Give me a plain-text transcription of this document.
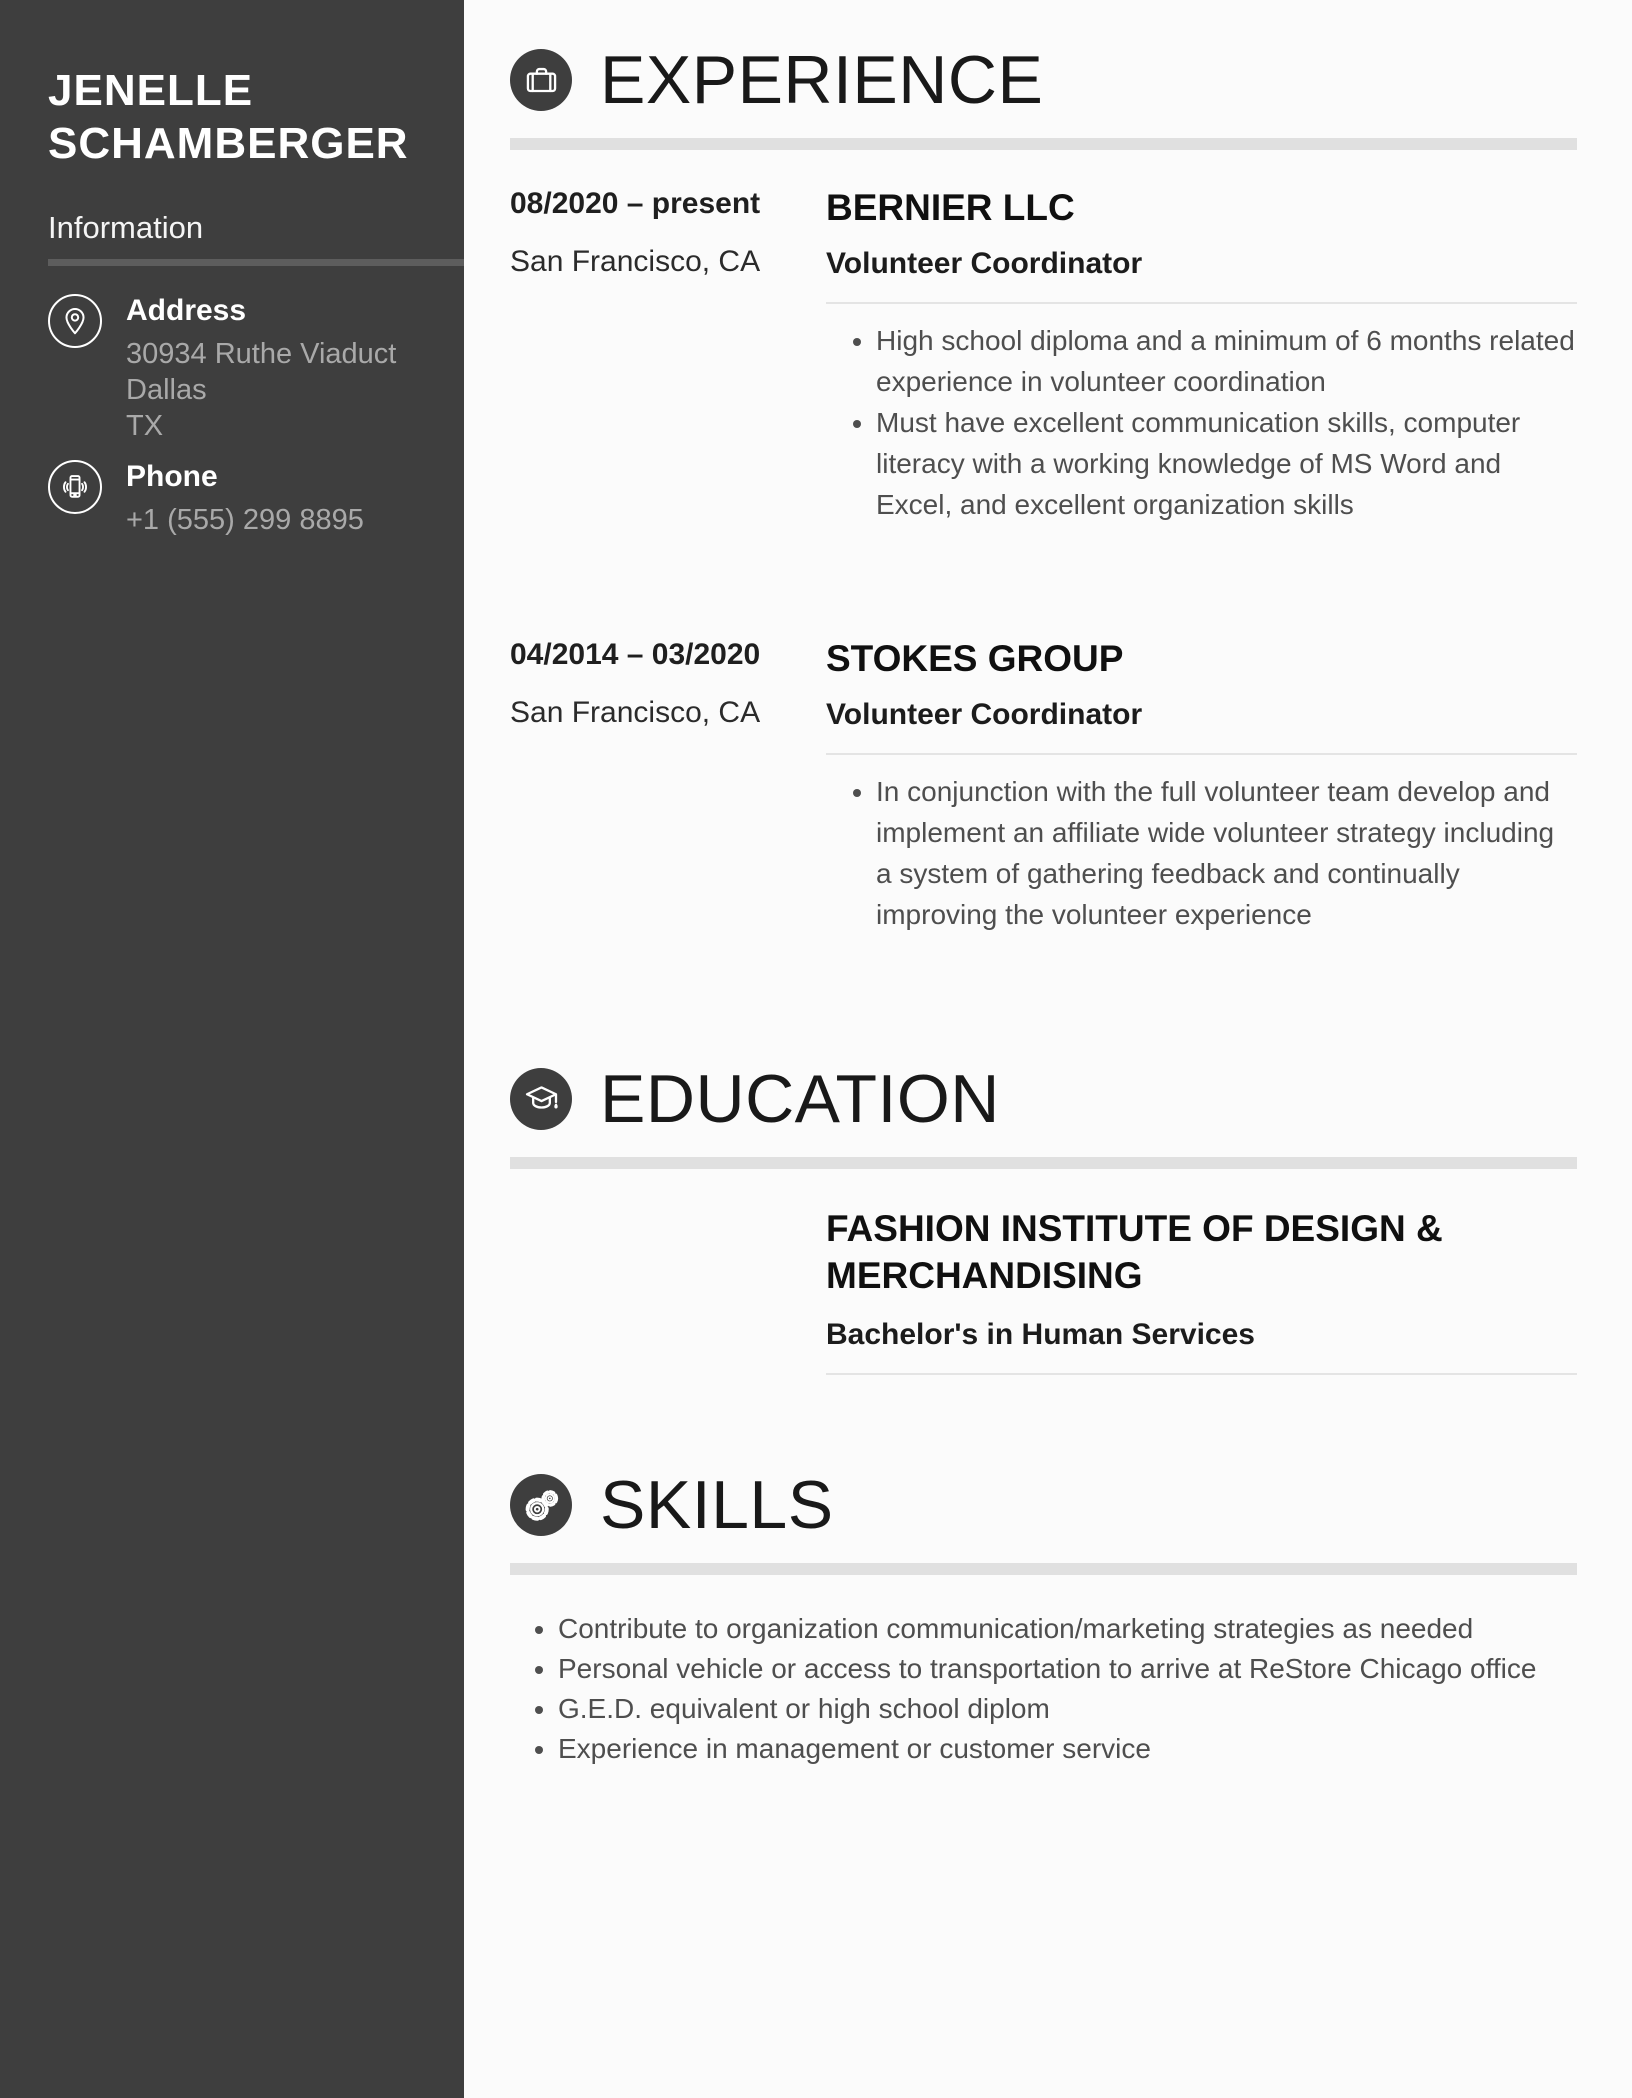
JENELLE
SCHAMBERGER
Information
Address
30934 Ruthe Viaduct
Dallas
TX
Phone
+1 (555) 299 8895
EXPERIENCE
08/2020 – present
San Francisco, CA
BERNIER LLC
Volunteer Coordinator
• High school diploma and a minimum of 6 months related experience in volunteer coordination
• Must have excellent communication skills, computer literacy with a working knowledge of MS Word and Excel, and excellent organization skills
04/2014 – 03/2020
San Francisco, CA
STOKES GROUP
Volunteer Coordinator
• In conjunction with the full volunteer team develop and implement an affiliate wide volunteer strategy including a system of gathering feedback and continually improving the volunteer experience
EDUCATION
FASHION INSTITUTE OF DESIGN & MERCHANDISING
Bachelor's in Human Services
SKILLS
• Contribute to organization communication/marketing strategies as needed
• Personal vehicle or access to transportation to arrive at ReStore Chicago office
• G.E.D. equivalent or high school diplom
• Experience in management or customer service
